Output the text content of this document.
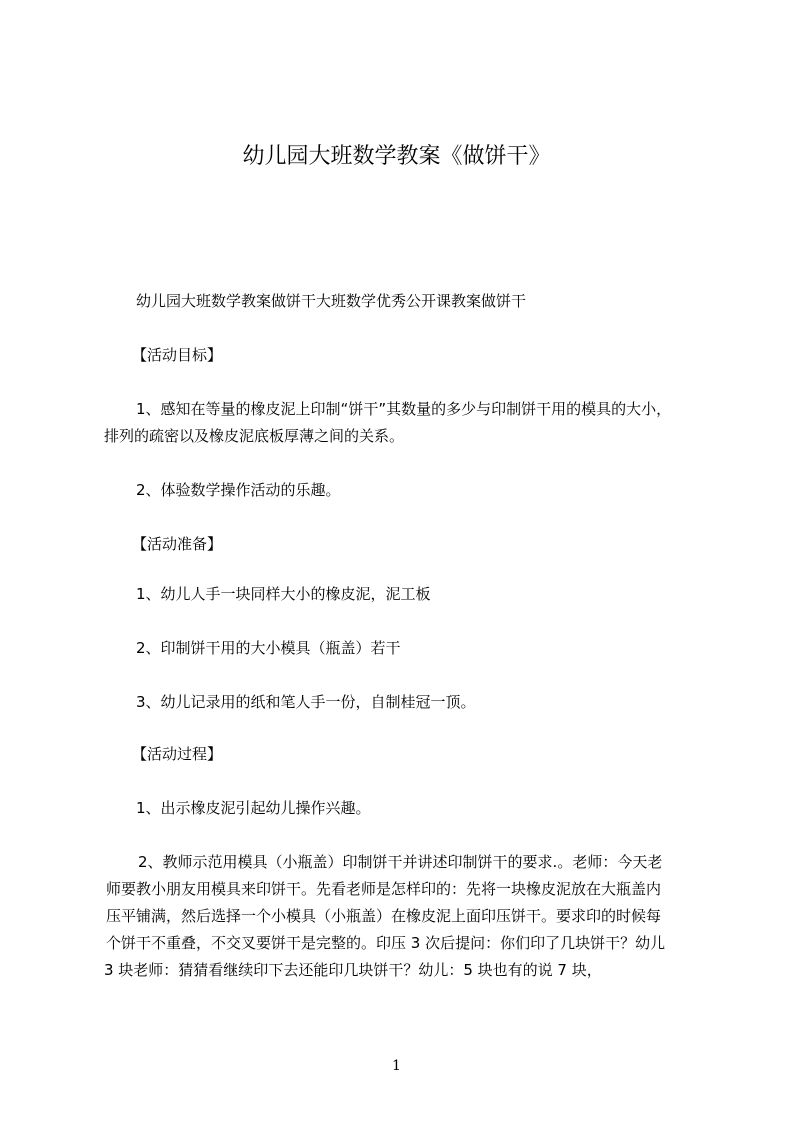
幼儿园大班数学教案《做饼干》
幼儿园大班数学教案做饼干大班数学优秀公开课教案做饼干
【活动目标】
1、感知在等量的橡皮泥上印制“饼干”其数量的多少与印制饼干用的模具的大小，
排列的疏密以及橡皮泥底板厚薄之间的关系。
2、体验数学操作活动的乐趣。
【活动准备】
1、幼儿人手一块同样大小的橡皮泥，泥工板
2、印制饼干用的大小模具（瓶盖）若干
3、幼儿记录用的纸和笔人手一份，自制桂冠一顶。
【活动过程】
1、出示橡皮泥引起幼儿操作兴趣。
2、教师示范用模具（小瓶盖）印制饼干并讲述印制饼干的要求.。老师：今天老
师要教小朋友用模具来印饼干。先看老师是怎样印的：先将一块橡皮泥放在大瓶盖内
压平铺满，然后选择一个小模具（小瓶盖）在橡皮泥上面印压饼干。要求印的时候每
个饼干不重叠，不交叉要饼干是完整的。印压 3 次后提问：你们印了几块饼干？幼儿
3 块老师：猜猜看继续印下去还能印几块饼干？幼儿：5 块也有的说 7 块，
1
